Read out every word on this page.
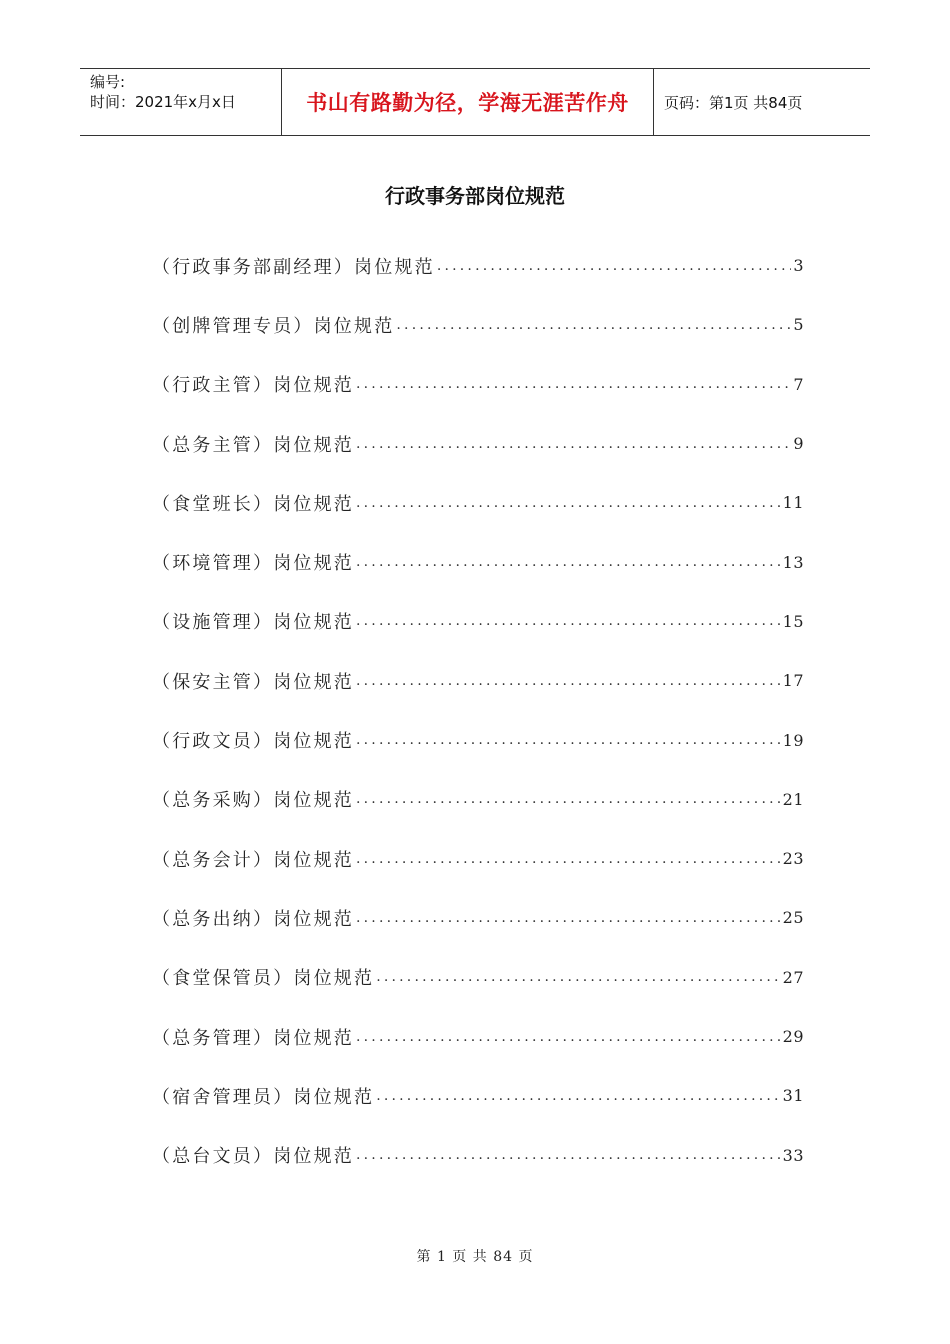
编号:
时间：2021年x月x日	书山有路勤为径，学海无涯苦作舟	页码：第1页 共84页
行政事务部岗位规范
（行政事务部副经理）岗位规范 .....	3
（创牌管理专员）岗位规范 .....	5
（行政主管）岗位规范 .....	7
（总务主管）岗位规范 .....	9
（食堂班长）岗位规范 .....	11
（环境管理）岗位规范 .....	13
（设施管理）岗位规范 .....	15
（保安主管）岗位规范 .....	17
（行政文员）岗位规范 .....	19
（总务采购）岗位规范 .....	21
（总务会计）岗位规范 .....	23
（总务出纳）岗位规范 .....	25
（食堂保管员）岗位规范 .....	27
（总务管理）岗位规范 .....	29
（宿舍管理员）岗位规范 .....	31
（总台文员）岗位规范 .....	33
第 1 页 共 84 页
